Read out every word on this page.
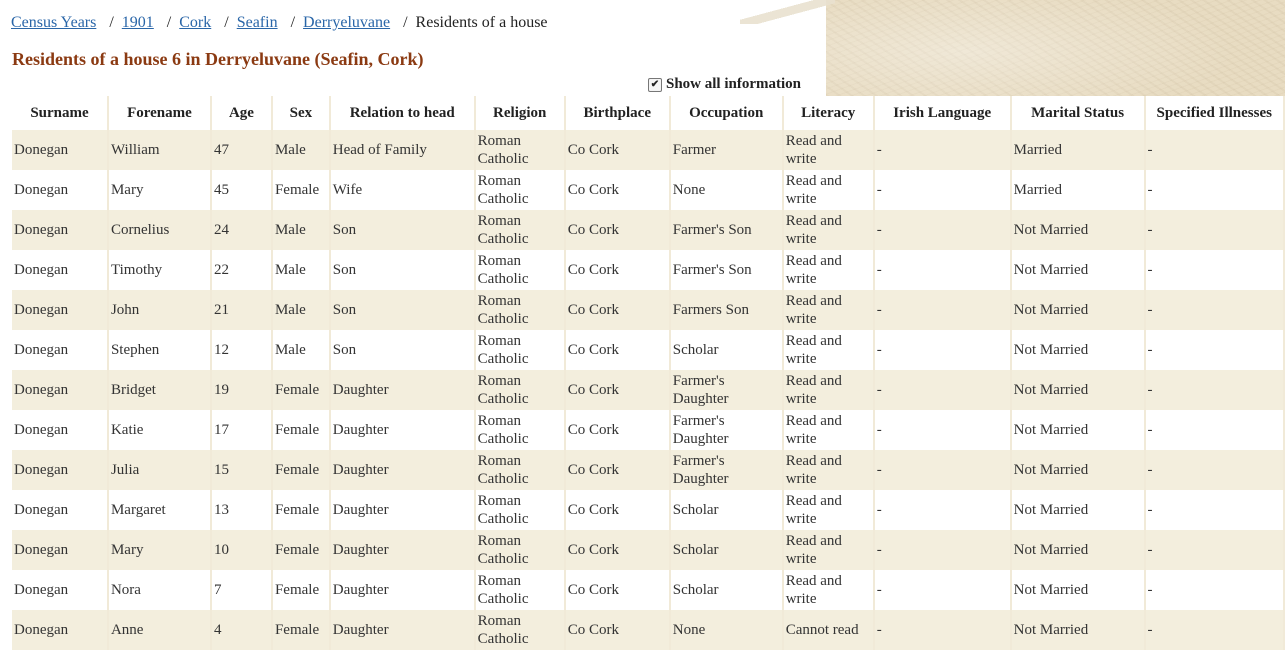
Census Years / 1901 / Cork / Seafin / Derryeluvane / Residents of a house
Residents of a house 6 in Derryeluvane (Seafin, Cork)
✔ Show all information
Surname	Forename	Age	Sex	Relation to head	Religion	Birthplace	Occupation	Literacy	Irish Language	Marital Status	Specified Illnesses
Donegan	William	47	Male	Head of Family	Roman Catholic	Co Cork	Farmer	Read and write	-	Married	-
Donegan	Mary	45	Female	Wife	Roman Catholic	Co Cork	None	Read and write	-	Married	-
Donegan	Cornelius	24	Male	Son	Roman Catholic	Co Cork	Farmer's Son	Read and write	-	Not Married	-
Donegan	Timothy	22	Male	Son	Roman Catholic	Co Cork	Farmer's Son	Read and write	-	Not Married	-
Donegan	John	21	Male	Son	Roman Catholic	Co Cork	Farmers Son	Read and write	-	Not Married	-
Donegan	Stephen	12	Male	Son	Roman Catholic	Co Cork	Scholar	Read and write	-	Not Married	-
Donegan	Bridget	19	Female	Daughter	Roman Catholic	Co Cork	Farmer's Daughter	Read and write	-	Not Married	-
Donegan	Katie	17	Female	Daughter	Roman Catholic	Co Cork	Farmer's Daughter	Read and write	-	Not Married	-
Donegan	Julia	15	Female	Daughter	Roman Catholic	Co Cork	Farmer's Daughter	Read and write	-	Not Married	-
Donegan	Margaret	13	Female	Daughter	Roman Catholic	Co Cork	Scholar	Read and write	-	Not Married	-
Donegan	Mary	10	Female	Daughter	Roman Catholic	Co Cork	Scholar	Read and write	-	Not Married	-
Donegan	Nora	7	Female	Daughter	Roman Catholic	Co Cork	Scholar	Read and write	-	Not Married	-
Donegan	Anne	4	Female	Daughter	Roman Catholic	Co Cork	None	Cannot read	-	Not Married	-
